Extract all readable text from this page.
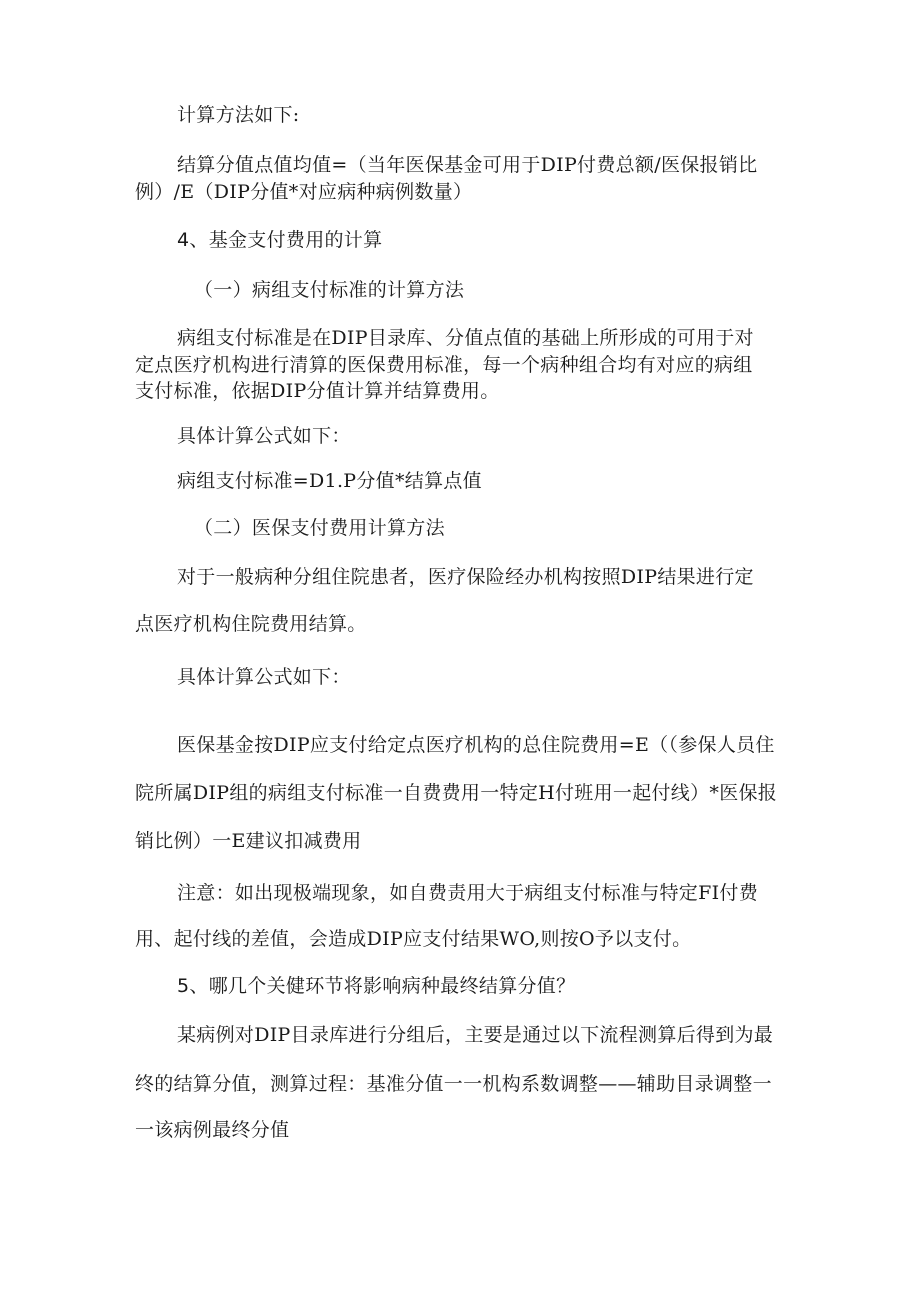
计算方法如下:
结算分值点值均值=（当年医保基金可用于DIP付费总额/医保报销比
例）/E（DIP分值*对应病种病例数量）
4、基金支付费用的计算
（一）病组支付标准的计算方法
病组支付标准是在DIP目录库、分值点值的基础上所形成的可用于对
定点医疗机构进行清算的医保费用标准，每一个病种组合均有对应的病组
支付标准，依据DIP分值计算并结算费用。
具体计算公式如下：
病组支付标准=D1.P分值*结算点值
（二）医保支付费用计算方法
对于一般病种分组住院患者，医疗保险经办机构按照DIP结果进行定
点医疗机构住院费用结算。
具体计算公式如下：
医保基金按DIP应支付给定点医疗机构的总住院费用=E（（参保人员住
院所属DIP组的病组支付标准一自费费用一特定H付班用一起付线）*医保报
销比例）一E建议扣减费用
注意：如出现极端现象，如自费责用大于病组支付标准与特定FI付费
用、起付线的差值，会造成DIP应支付结果WO,则按O予以支付。
5、哪几个关健环节将影响病种最终结算分值？
某病例对DIP目录库进行分组后，主要是通过以下流程测算后得到为最
终的结算分值，测算过程：基准分值一一机构系数调整——辅助目录调整一
一该病例最终分值
